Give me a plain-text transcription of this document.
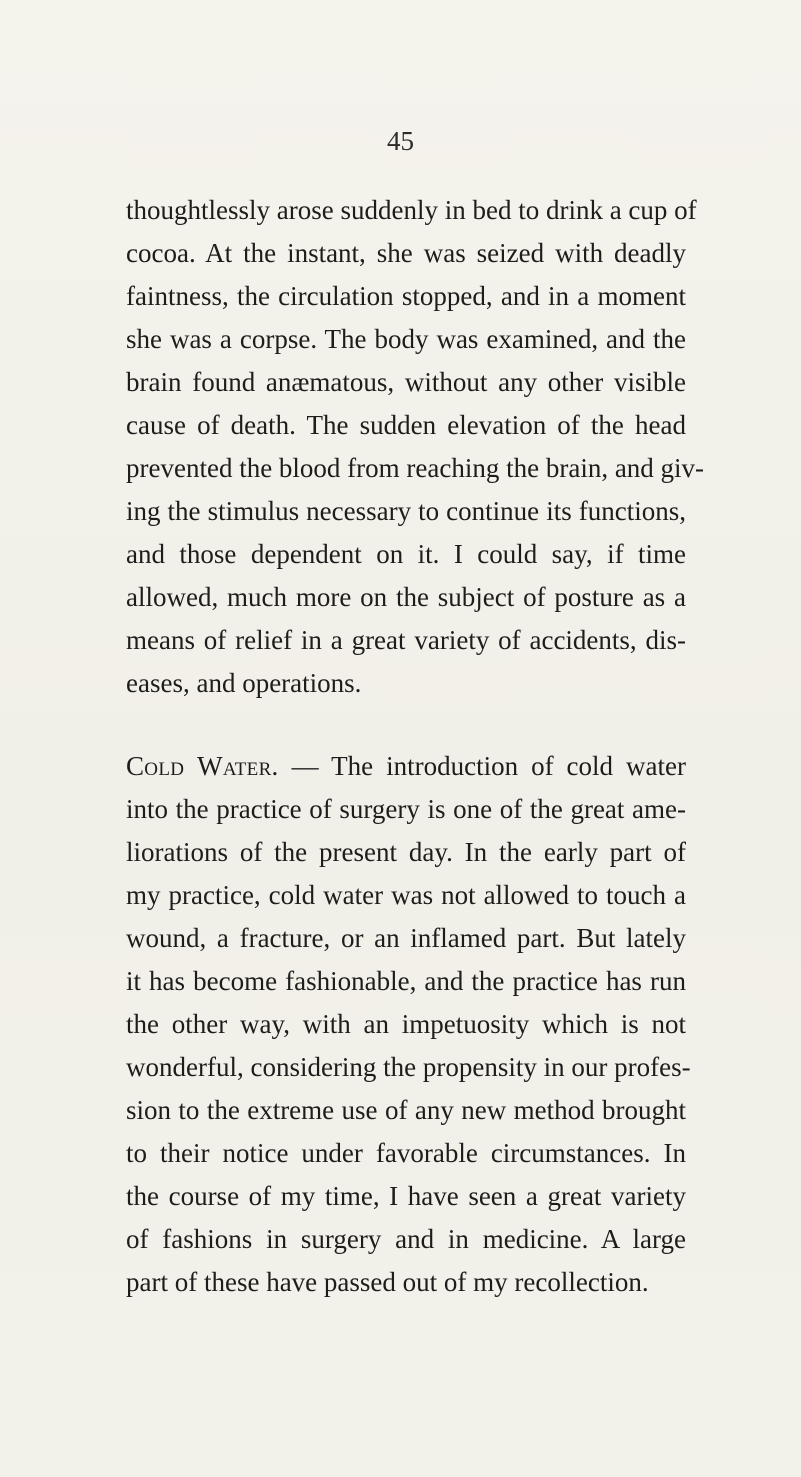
45
thoughtlessly arose suddenly in bed to drink a cup of
cocoa. At the instant, she was seized with deadly
faintness, the circulation stopped, and in a moment
she was a corpse. The body was examined, and the
brain found anæmatous, without any other visible
cause of death. The sudden elevation of the head
prevented the blood from reaching the brain, and giv-
ing the stimulus necessary to continue its functions,
and those dependent on it. I could say, if time
allowed, much more on the subject of posture as a
means of relief in a great variety of accidents, dis-
eases, and operations.
Cold Water. — The introduction of cold water
into the practice of surgery is one of the great ame-
liorations of the present day. In the early part of
my practice, cold water was not allowed to touch a
wound, a fracture, or an inflamed part. But lately
it has become fashionable, and the practice has run
the other way, with an impetuosity which is not
wonderful, considering the propensity in our profes-
sion to the extreme use of any new method brought
to their notice under favorable circumstances. In
the course of my time, I have seen a great variety
of fashions in surgery and in medicine. A large
part of these have passed out of my recollection.
